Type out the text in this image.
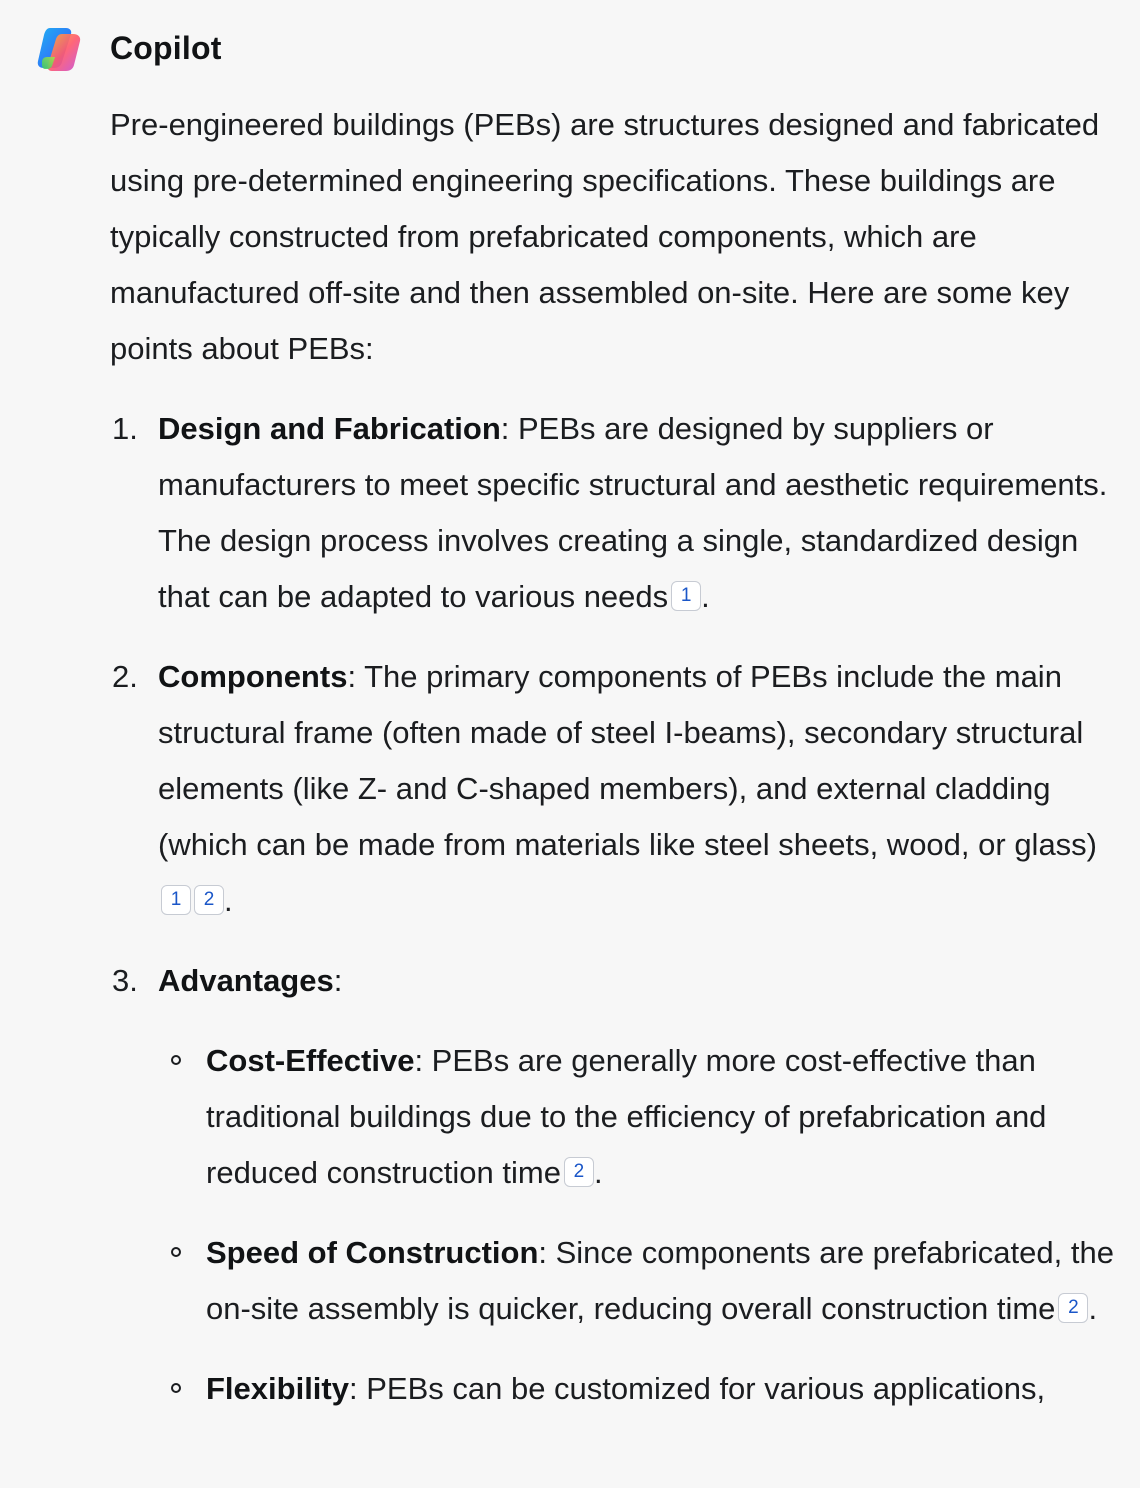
Copilot

Pre-engineered buildings (PEBs) are structures designed and fabricated using pre-determined engineering specifications. These buildings are typically constructed from prefabricated components, which are manufactured off-site and then assembled on-site. Here are some key points about PEBs:

1. Design and Fabrication: PEBs are designed by suppliers or manufacturers to meet specific structural and aesthetic requirements. The design process involves creating a single, standardized design that can be adapted to various needs 1 .
2. Components: The primary components of PEBs include the main structural frame (often made of steel I-beams), secondary structural elements (like Z- and C-shaped members), and external cladding (which can be made from materials like steel sheets, wood, or glass)1 2 .
3. Advantages:
Cost-Effective: PEBs are generally more cost-effective than traditional buildings due to the efficiency of prefabrication and reduced construction time 2 .
Speed of Construction: Since components are prefabricated, the on-site assembly is quicker, reducing overall construction time 2 .
Flexibility: PEBs can be customized for various applications,
